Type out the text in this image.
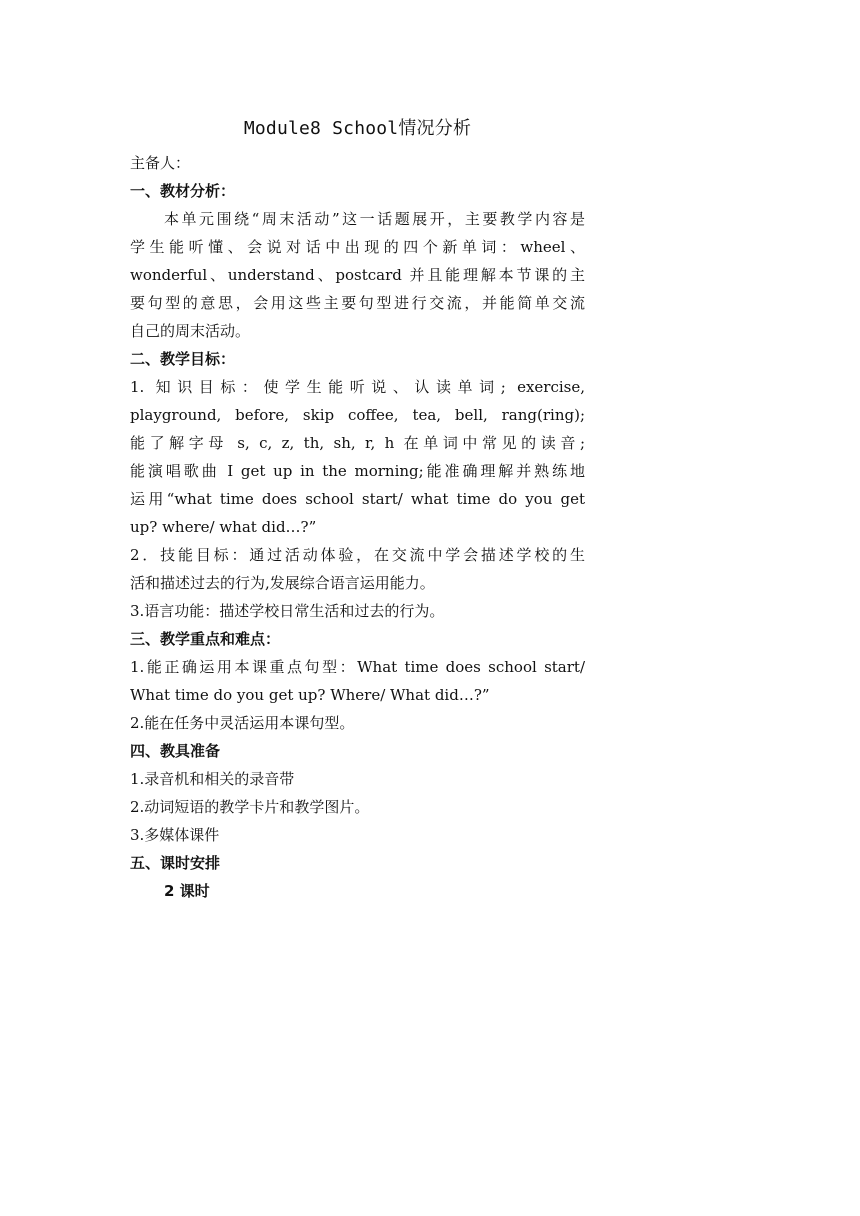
Module8 School情况分析
主备人：
一、教材分析：
本单元围绕“周末活动”这一话题展开，主要教学内容是
学生能听懂、会说对话中出现的四个新单词：wheel、
wonderful、understand、postcard 并且能理解本节课的主
要句型的意思，会用这些主要句型进行交流，并能简单交流
自己的周末活动。
二、教学目标：
1. 知识目标：使学生能听说、认读单词; exercise,
playground, before, skip coffee, tea, bell, rang(ring);
能了解字母 s, c, z, th, sh, r, h 在单词中常见的读音;
能演唱歌曲 I get up in the morning;能准确理解并熟练地
运用“what time does school start/ what time do you get
up? where/ what did…?”
2．技能目标：通过活动体验，在交流中学会描述学校的生
活和描述过去的行为,发展综合语言运用能力。
3.语言功能：描述学校日常生活和过去的行为。
三、教学重点和难点：
1.能正确运用本课重点句型：What time does school start/
What time do you get up? Where/ What did…?”
2.能在任务中灵活运用本课句型。
四、教具准备
1.录音机和相关的录音带
2.动词短语的教学卡片和教学图片。
3.多媒体课件
五、课时安排
2 课时
